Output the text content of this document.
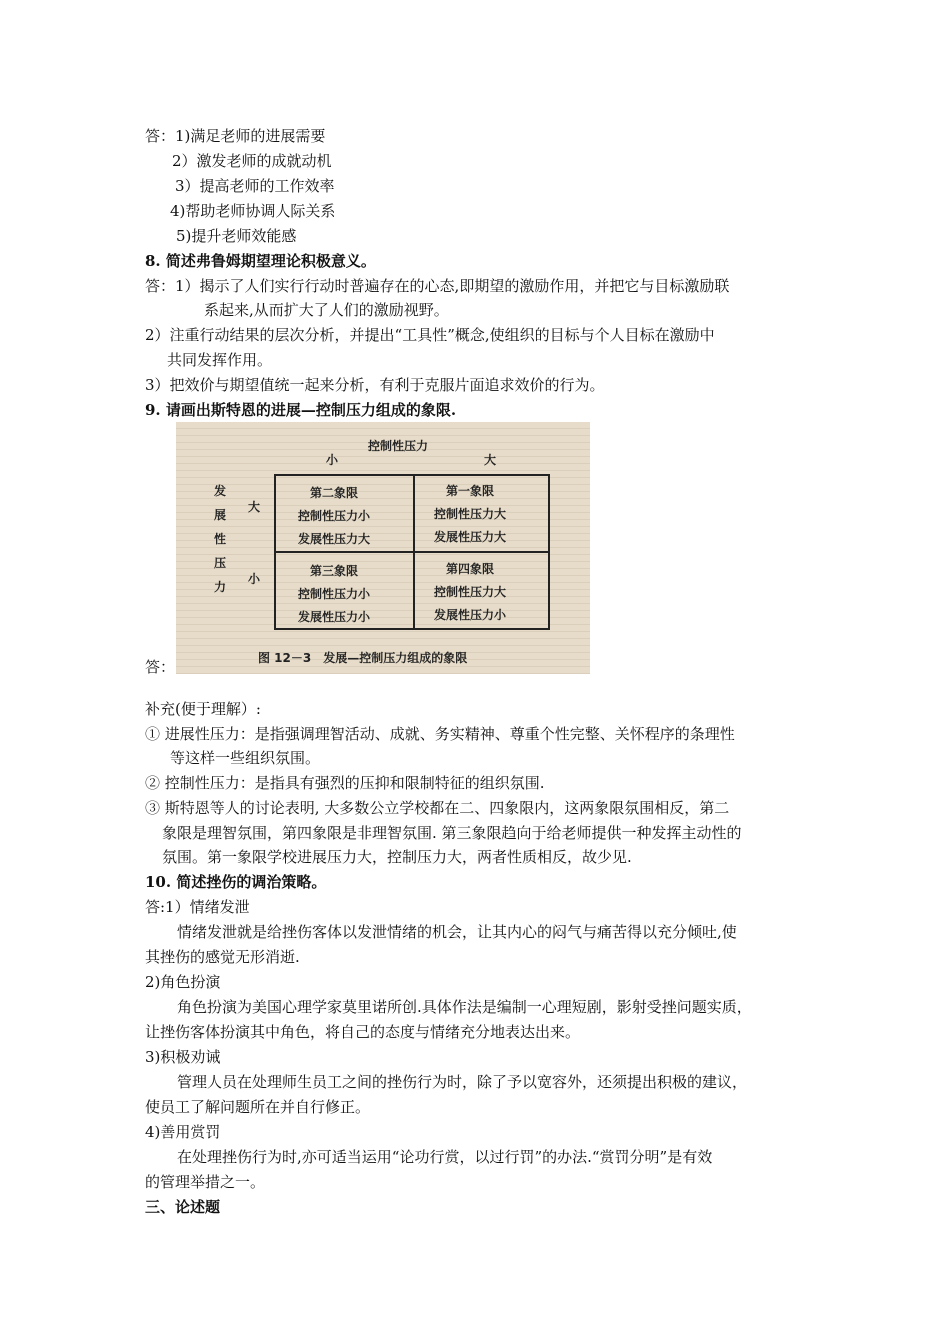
答：1)满足老师的进展需要
2）激发老师的成就动机
3）提高老师的工作效率
4)帮助老师协调人际关系
5)提升老师效能感
8. 简述弗鲁姆期望理论积极意义。
答：1）揭示了人们实行行动时普遍存在的心态,即期望的激励作用，并把它与目标激励联
系起来,从而扩大了人们的激励视野。
2）注重行动结果的层次分析，并提出“工具性”概念,使组织的目标与个人目标在激励中
共同发挥作用。
3）把效价与期望值统一起来分析，有利于克服片面追求效价的行为。
9. 请画出斯特恩的进展—控制压力组成的象限.
控制性压力
小	大
发
展
性
压
力
大
小
第二象限
控制性压力小
发展性压力大
第一象限
控制性压力大
发展性压力大
第三象限
控制性压力小
发展性压力小
第四象限
控制性压力大
发展性压力小
图 12－3　发展—控制压力组成的象限
答：
补充(便于理解）:
① 进展性压力：是指强调理智活动、成就、务实精神、尊重个性完整、关怀程序的条理性
等这样一些组织氛围。
② 控制性压力：是指具有强烈的压抑和限制特征的组织氛围.
③ 斯特恩等人的讨论表明, 大多数公立学校都在二、四象限内，这两象限氛围相反，第二
象限是理智氛围，第四象限是非理智氛围. 第三象限趋向于给老师提供一种发挥主动性的
氛围。第一象限学校进展压力大，控制压力大，两者性质相反，故少见.
10. 简述挫伤的调治策略。
答:1）情绪发泄
情绪发泄就是给挫伤客体以发泄情绪的机会，让其内心的闷气与痛苦得以充分倾吐,使
其挫伤的感觉无形消逝.
2)角色扮演
角色扮演为美国心理学家莫里诺所创.具体作法是编制一心理短剧，影射受挫问题实质，
让挫伤客体扮演其中角色，将自己的态度与情绪充分地表达出来。
3)积极劝诫
管理人员在处理师生员工之间的挫伤行为时，除了予以宽容外，还须提出积极的建议，
使员工了解问题所在并自行修正。
4)善用赏罚
在处理挫伤行为时,亦可适当运用“论功行赏，以过行罚”的办法.“赏罚分明”是有效
的管理举措之一。
三、论述题
